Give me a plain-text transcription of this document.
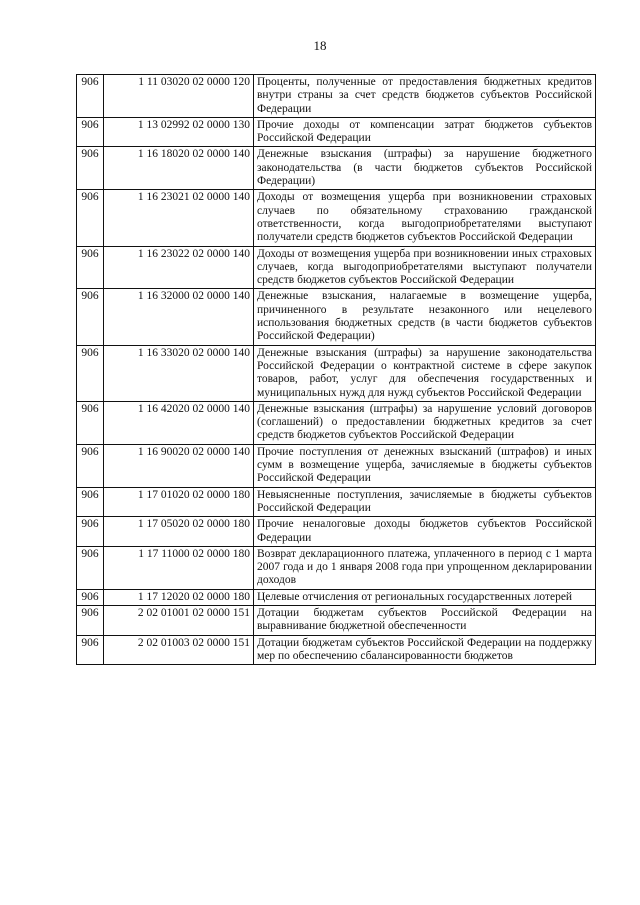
18
906	1 11 03020 02 0000 120	Проценты, полученные от предоставления бюджетных кредитов внутри страны за счет средств бюджетов субъектов Российской Федерации
906	1 13 02992 02 0000 130	Прочие доходы от компенсации затрат бюджетов субъектов Российской Федерации
906	1 16 18020 02 0000 140	Денежные взыскания (штрафы) за нарушение бюджетного законодательства (в части бюджетов субъектов Российской Федерации)
906	1 16 23021 02 0000 140	Доходы от возмещения ущерба при возникновении страховых случаев по обязательному страхованию гражданской ответственности, когда выгодоприобретателями выступают получатели средств бюджетов субъектов Российской Федерации
906	1 16 23022 02 0000 140	Доходы от возмещения ущерба при возникновении иных страховых случаев, когда выгодоприобретателями выступают получатели средств бюджетов субъектов Российской Федерации
906	1 16 32000 02 0000 140	Денежные взыскания, налагаемые в возмещение ущерба, причиненного в результате незаконного или нецелевого использования бюджетных средств (в части бюджетов субъектов Российской Федерации)
906	1 16 33020 02 0000 140	Денежные взыскания (штрафы) за нарушение законодательства Российской Федерации о контрактной системе в сфере закупок товаров, работ, услуг для обеспечения государственных и муниципальных нужд для нужд субъектов Российской Федерации
906	1 16 42020 02 0000 140	Денежные взыскания (штрафы) за нарушение условий договоров (соглашений) о предоставлении бюджетных кредитов за счет средств бюджетов субъектов Российской Федерации
906	1 16 90020 02 0000 140	Прочие поступления от денежных взысканий (штрафов) и иных сумм в возмещение ущерба, зачисляемые в бюджеты субъектов Российской Федерации
906	1 17 01020 02 0000 180	Невыясненные поступления, зачисляемые в бюджеты субъектов Российской Федерации
906	1 17 05020 02 0000 180	Прочие неналоговые доходы бюджетов субъектов Российской Федерации
906	1 17 11000 02 0000 180	Возврат декларационного платежа, уплаченного в период с 1 марта 2007 года и до 1 января 2008 года при упрощенном декларировании доходов
906	1 17 12020 02 0000 180	Целевые отчисления от региональных государственных лотерей
906	2 02 01001 02 0000 151	Дотации бюджетам субъектов Российской Федерации на выравнивание бюджетной обеспеченности
906	2 02 01003 02 0000 151	Дотации бюджетам субъектов Российской Федерации на поддержку мер по обеспечению сбалансированности бюджетов
